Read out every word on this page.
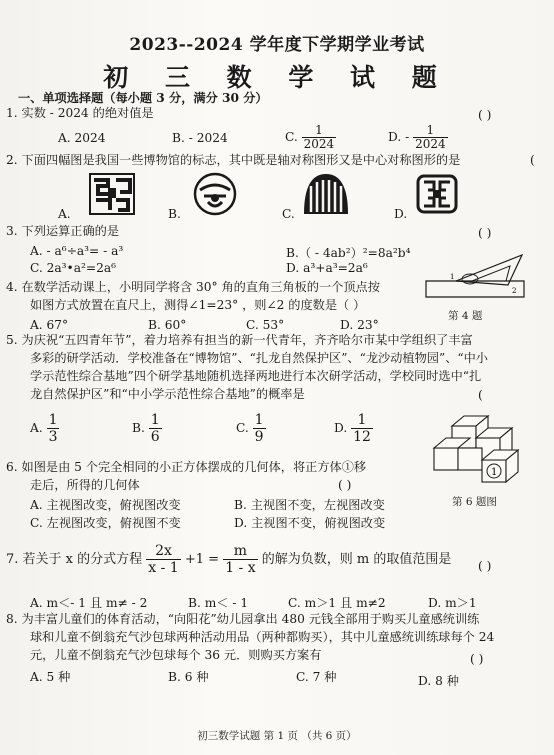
2023--2024 学年度下学期学业考试
初 三 数 学 试 题
一、单项选择题（每小题 3 分，满分 30 分）
1. 实数 - 2024 的绝对值是	( )
A. 2024	B. - 2024	C. $\frac{1}{2024}$	D. - $\frac{1}{2024}$
2. 下面四幅图是我国一些博物馆的标志，其中既是轴对称图形又是中心对称图形的是	(
A.	B.	C.	D.
3. 下列运算正确的是	( )
A. - a⁶÷a³= - a³	B.（ - 4ab²）²=8a²b⁴
C. 2a³•a²=2a⁶	D. a³+a³=2a⁶
4. 在数学活动课上，小明同学将含 30° 角的直角三角板的一个顶点按
如图方式放置在直尺上，测得∠1=23° ，则∠2 的度数是（ ）
A. 67°	B. 60°	C. 53°	D. 23°
1
2
第 4 题
5. 为庆祝“五四青年节”，着力培养有担当的新一代青年，齐齐哈尔市某中学组织了丰富
多彩的研学活动．学校准备在“博物馆”、“扎龙自然保护区”、“龙沙动植物园”、“中小
学示范性综合基地”四个研学基地随机选择两地进行本次研学活动，学校同时选中“扎
龙自然保护区”和“中小学示范性综合基地”的概率是	(
A. $\frac{1}{3}$	B. $\frac{1}{6}$	C. $\frac{1}{9}$	D. $\frac{1}{12}$
1
第 6 题图
6. 如图是由 5 个完全相同的小正方体摆成的几何体，将正方体①移
走后，所得的几何体	( )
A. 主视图改变，俯视图改变	B. 主视图不变，左视图改变
C. 左视图改变，俯视图不变	D. 主视图不变，俯视图改变
7. 若关于 x 的分式方程 $\frac{2x}{x - 1} +1 = \frac{m}{1 - x}$ 的解为负数，则 m 的取值范围是 ( )
A. m＜- 1 且 m≠ - 2	B. m＜ - 1	C. m＞1 且 m≠2	D. m＞1
8. 为丰富儿童们的体育活动，“向阳花”幼儿园拿出 480 元钱全部用于购买儿童感统训练
球和儿童不倒翁充气沙包球两种活动用品（两种都购买），其中儿童感统训练球每个 24
元，儿童不倒翁充气沙包球每个 36 元．则购买方案有	( )
A. 5 种	B. 6 种	C. 7 种	D. 8 种
初三数学试题 第 1 页 （共 6 页）
